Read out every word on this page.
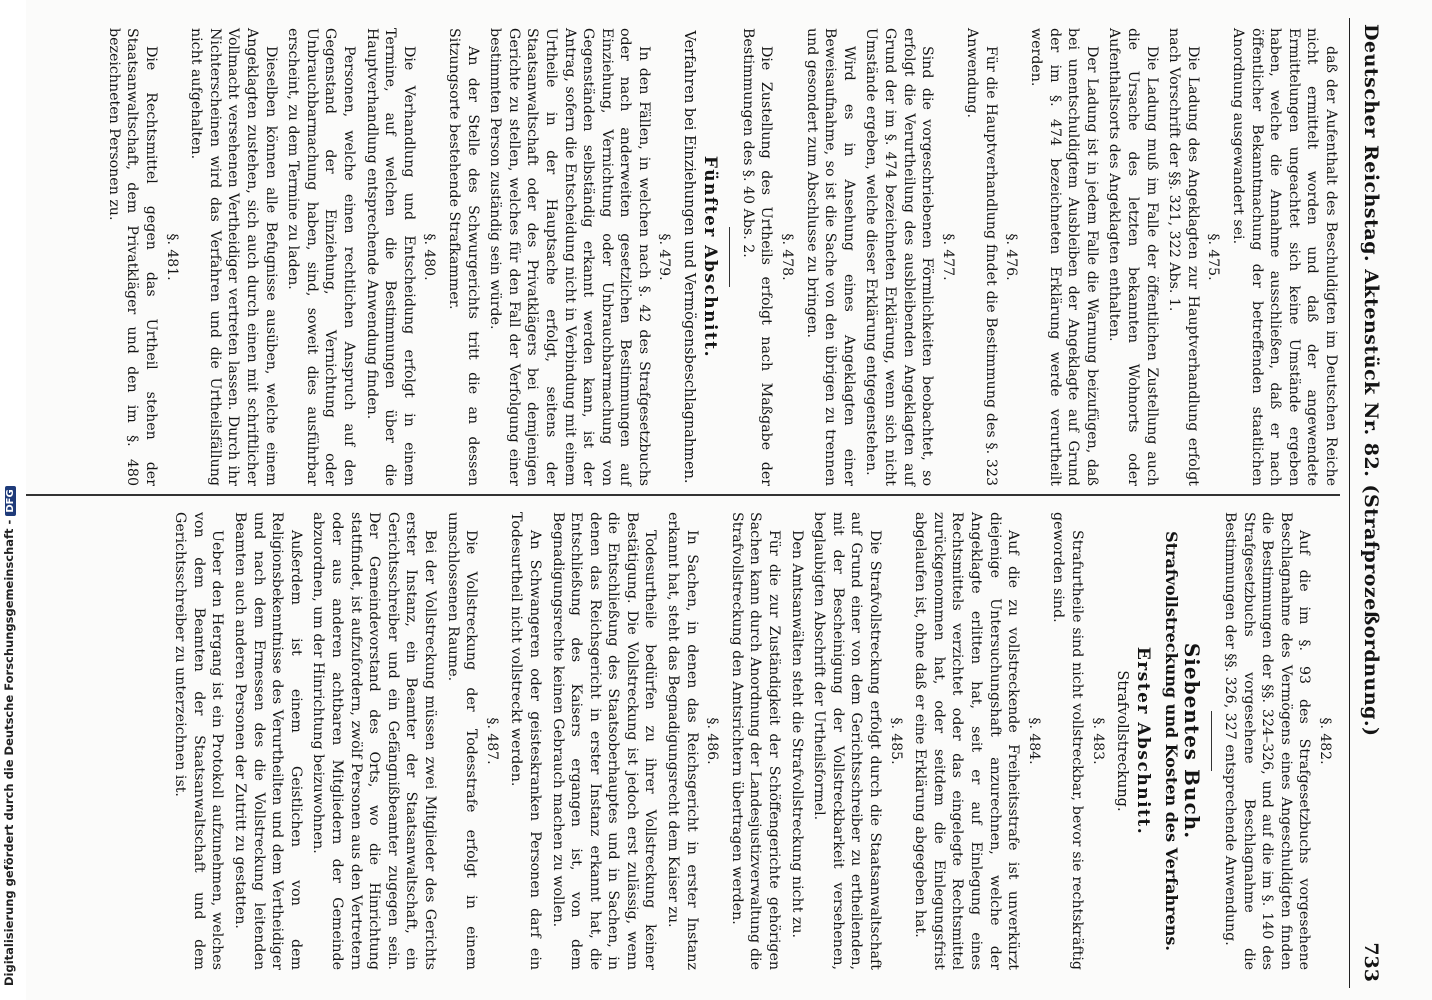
Deutscher Reichstag. Aktenstück Nr. 82. (Strafprozeßordnung.)
733
daß der Aufenthalt des Beschuldigten im Deutschen Reiche nicht ermittelt worden und daß der angewendete Ermittelungen ungeachtet sich keine Umstände ergeben haben, welche die Annahme ausschließen, daß er nach öffentlicher Bekanntmachung der betreffenden staatlichen Anordnung ausgewandert sei.
§. 475.
Die Ladung des Angeklagten zur Hauptverhandlung erfolgt nach Vorschrift der §§. 321, 322 Abs. 1.
Die Ladung muß im Falle der öffentlichen Zustellung auch die Ursache des letzten bekannten Wohnorts oder Aufenthaltsorts des Angeklagten enthalten.
Der Ladung ist in jedem Falle die Warnung beizufügen, daß bei unentschuldigtem Ausbleiben der Angeklagte auf Grund der im §. 474 bezeichneten Erklärung werde verurtheilt werden.
§. 476.
Für die Hauptverhandlung findet die Bestimmung des §. 323 Anwendung.
§. 477.
Sind die vorgeschriebenen Förmlichkeiten beobachtet, so erfolgt die Verurtheilung des ausbleibenden Angeklagten auf Grund der im §. 474 bezeichneten Erklärung, wenn sich nicht Umstände ergeben, welche dieser Erklärung entgegenstehen.
Wird es in Ansehung eines Angeklagten einer Beweisaufnahme, so ist die Sache von den übrigen zu trennen und gesondert zum Abschlusse zu bringen.
§. 478.
Die Zustellung des Urtheils erfolgt nach Maßgabe der Bestimmungen des §. 40 Abs. 2.
Fünfter Abschnitt.
Verfahren bei Einziehungen und Vermögensbeschlagnahmen.
§. 479.
In den Fällen, in welchen nach §. 42 des Strafgesetzbuchs oder nach anderweiten gesetzlichen Bestimmungen auf Einziehung, Vernichtung oder Unbrauchbarmachung von Gegenständen selbständig erkannt werden kann, ist der Antrag, sofern die Entscheidung nicht in Verbindung mit einem Urtheile in der Hauptsache erfolgt, seitens der Staatsanwaltschaft oder des Privatklägers bei demjenigen Gerichte zu stellen, welches für den Fall der Verfolgung einer bestimmten Person zuständig sein würde.
An der Stelle des Schwurgerichts tritt die an dessen Sitzungsorte bestehende Strafkammer.
§. 480.
Die Verhandlung und Entscheidung erfolgt in einem Termine, auf welchen die Bestimmungen über die Hauptverhandlung entsprechende Anwendung finden.
Personen, welche einen rechtlichen Anspruch auf den Gegenstand der Einziehung, Vernichtung oder Unbrauchbarmachung haben, sind, soweit dies ausführbar erscheint, zu dem Termine zu laden.
Dieselben können alle Befugnisse ausüben, welche einem Angeklagten zustehen, sich auch durch einen mit schriftlicher Vollmacht versehenen Vertheidiger vertreten lassen. Durch ihr Nichterscheinen wird das Verfahren und die Urtheilsfällung nicht aufgehalten.
§. 481.
Die Rechtsmittel gegen das Urtheil stehen der Staatsanwaltschaft, dem Privatkläger und den im §. 480 bezeichneten Personen zu.
§. 482.
Auf die im §. 93 des Strafgesetzbuchs vorgesehene Beschlagnahme des Vermögens eines Angeschuldigten finden die Bestimmungen der §§. 324–326, und auf die im §. 140 des Strafgesetzbuchs vorgesehene Beschlagnahme die Bestimmungen der §§. 326, 327 entsprechende Anwendung.
Siebentes Buch.
Strafvollstreckung und Kosten des Verfahrens.
Erster Abschnitt.
Strafvollstreckung.
§. 483.
Strafurtheile sind nicht vollstreckbar, bevor sie rechtskräftig geworden sind.
§. 484.
Auf die zu vollstreckende Freiheitsstrafe ist unverkürzt diejenige Untersuchungshaft anzurechnen, welche der Angeklagte erlitten hat, seit er auf Einlegung eines Rechtsmittels verzichtet oder das eingelegte Rechtsmittel zurückgenommen hat, oder seitdem die Einlegungsfrist abgelaufen ist, ohne daß er eine Erklärung abgegeben hat.
§. 485.
Die Strafvollstreckung erfolgt durch die Staatsanwaltschaft auf Grund einer von dem Gerichtsschreiber zu ertheilenden, mit der Bescheinigung der Vollstreckbarkeit versehenen, beglaubigten Abschrift der Urtheilsformel.
Den Amtsanwälten steht die Strafvollstreckung nicht zu.
Für die zur Zuständigkeit der Schöffengerichte gehörigen Sachen kann durch Anordnung der Landesjustizverwaltung die Strafvollstreckung den Amtsrichtern übertragen werden.
§. 486.
In Sachen, in denen das Reichsgericht in erster Instanz erkannt hat, steht das Begnadigungsrecht dem Kaiser zu.
Todesurtheile bedürfen zu ihrer Vollstreckung keiner Bestätigung. Die Vollstreckung ist jedoch erst zulässig, wenn die Entschließung des Staatsoberhauptes und in Sachen, in denen das Reichsgericht in erster Instanz erkannt hat, die Entschließung des Kaisers ergangen ist, von dem Begnadigungsrechte keinen Gebrauch machen zu wollen.
An Schwangeren oder geisteskranken Personen darf ein Todesurtheil nicht vollstreckt werden.
§. 487.
Die Vollstreckung der Todesstrafe erfolgt in einem umschlossenen Raume.
Bei der Vollstreckung müssen zwei Mitglieder des Gerichts erster Instanz, ein Beamter der Staatsanwaltschaft, ein Gerichtsschreiber und ein Gefängnißbeamter zugegen sein. Der Gemeindevorstand des Orts, wo die Hinrichtung stattfindet, ist aufzufordern, zwölf Personen aus den Vertretern oder aus anderen achtbaren Mitgliedern der Gemeinde abzuordnen, um der Hinrichtung beizuwohnen.
Außerdem ist einem Geistlichen von dem Religionsbekenntnisse des Verurtheilten und dem Vertheidiger und nach dem Ermessen des die Vollstreckung leitenden Beamten auch anderen Personen der Zutritt zu gestatten.
Ueber den Hergang ist ein Protokoll aufzunehmen, welches von dem Beamten der Staatsanwaltschaft und dem Gerichtsschreiber zu unterzeichnen ist.
Digitalisierung gefördert durch die Deutsche Forschungsgemeinschaft -DFG
